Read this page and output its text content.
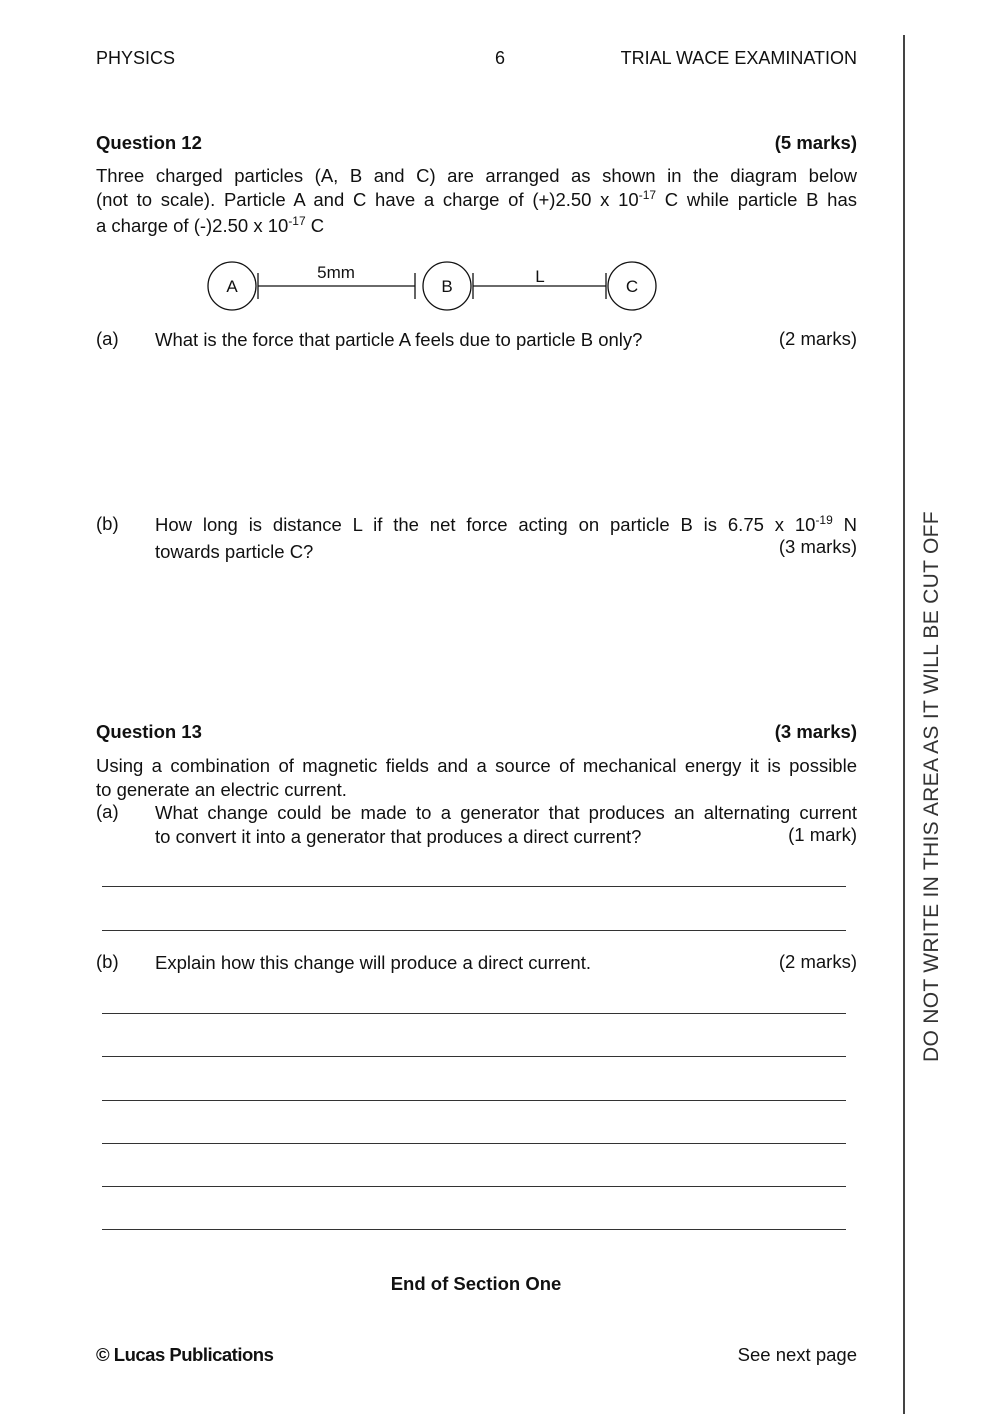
PHYSICS	6	TRIAL WACE EXAMINATION
Question 12	(5 marks)
Three charged particles (A, B and C) are arranged as shown in the diagram below
(not to scale). Particle A and C have a charge of (+)2.50 x $10^{-17}$ C while particle B has
a charge of (-)2.50 x $10^{-17}$ C
A
5mm
B
L
C
(a) What is the force that particle A feels due to particle B only?	(2 marks)
(b) How long is distance L if the net force acting on particle B is 6.75 x $10^{-19}$ N
towards particle C?	(3 marks)
Question 13	(3 marks)
Using a combination of magnetic fields and a source of mechanical energy it is possible
to generate an electric current.
(a) What change could be made to a generator that produces an alternating current
to convert it into a generator that produces a direct current?	(1 mark)
(b) Explain how this change will produce a direct current.	(2 marks)
End of Section One
© Lucas Publications	See next page
DO NOT WRITE IN THIS AREA AS IT WILL BE CUT OFF
